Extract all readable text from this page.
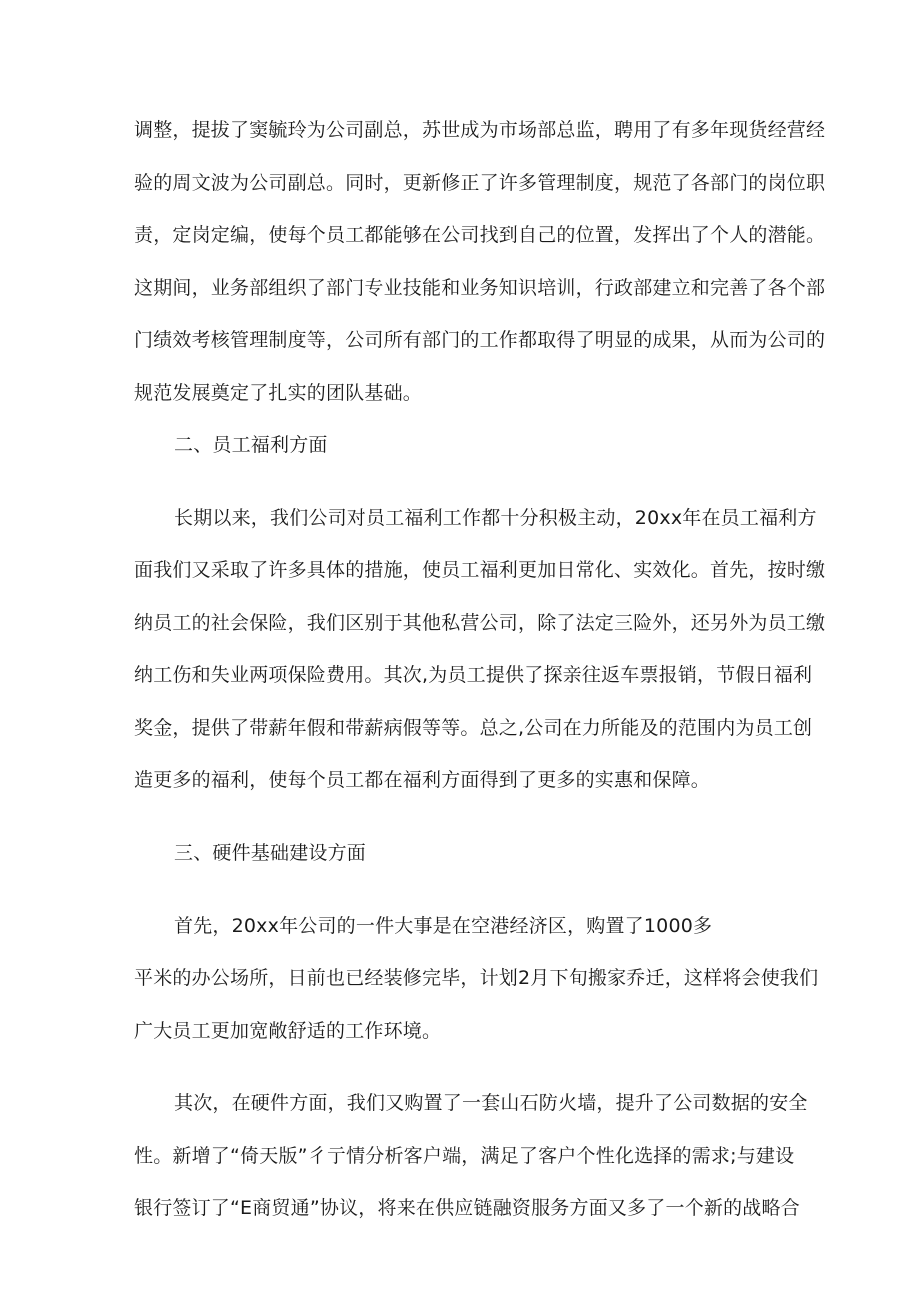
调整，提拔了窦毓玲为公司副总，苏世成为市场部总监，聘用了有多年现货经营经
验的周文波为公司副总。同时，更新修正了许多管理制度，规范了各部门的岗位职
责，定岗定编，使每个员工都能够在公司找到自己的位置，发挥出了个人的潜能。
这期间，业务部组织了部门专业技能和业务知识培训，行政部建立和完善了各个部
门绩效考核管理制度等，公司所有部门的工作都取得了明显的成果，从而为公司的
规范发展奠定了扎实的团队基础。
二、员工福利方面
长期以来，我们公司对员工福利工作都十分积极主动，20xx年在员工福利方
面我们又采取了许多具体的措施，使员工福利更加日常化、实效化。首先，按时缴
纳员工的社会保险，我们区别于其他私营公司，除了法定三险外，还另外为员工缴
纳工伤和失业两项保险费用。其次,为员工提供了探亲往返车票报销，节假日福利
奖金，提供了带薪年假和带薪病假等等。总之,公司在力所能及的范围内为员工创
造更多的福利，使每个员工都在福利方面得到了更多的实惠和保障。
三、硬件基础建设方面
首先，20xx年公司的一件大事是在空港经济区，购置了1000多
平米的办公场所，日前也已经装修完毕，计划2月下旬搬家乔迁，这样将会使我们
广大员工更加宽敞舒适的工作环境。
其次，在硬件方面，我们又购置了一套山石防火墙，提升了公司数据的安全
性。新增了“倚天版”彳亍情分析客户端，满足了客户个性化选择的需求;与建设
银行签订了“E商贸通”协议，将来在供应链融资服务方面又多了一个新的战略合
